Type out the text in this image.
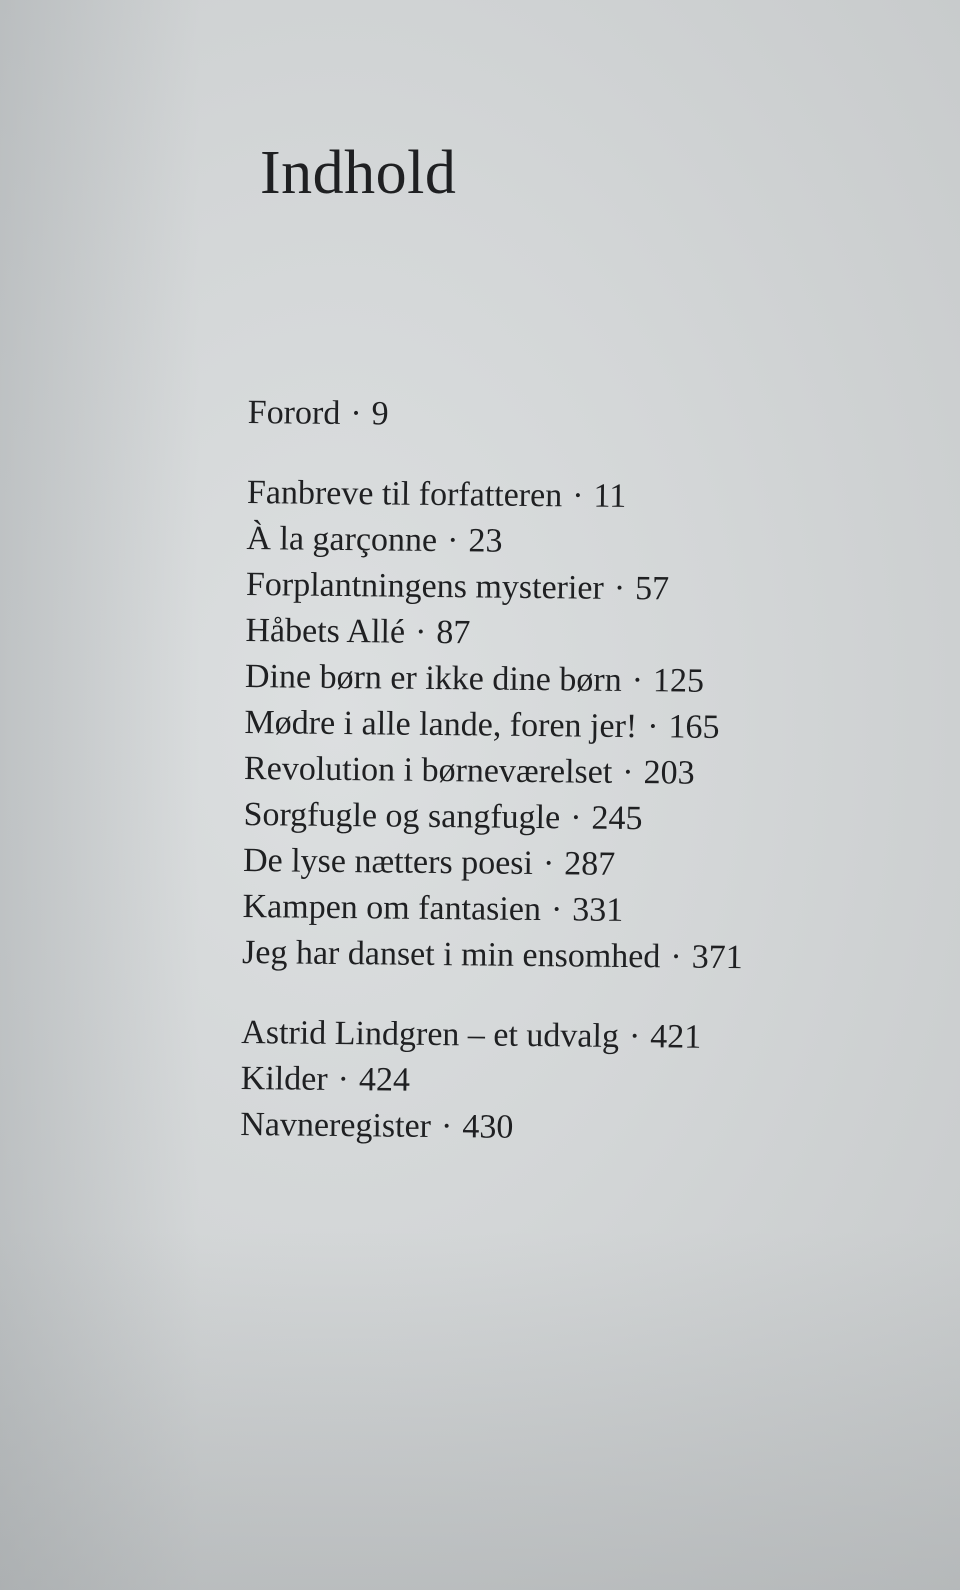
Indhold
Forord · 9
Fanbreve til forfatteren · 11
À la garçonne · 23
Forplantningens mysterier · 57
Håbets Allé · 87
Dine børn er ikke dine børn · 125
Mødre i alle lande, foren jer! · 165
Revolution i børneværelset · 203
Sorgfugle og sangfugle · 245
De lyse nætters poesi · 287
Kampen om fantasien · 331
Jeg har danset i min ensomhed · 371
Astrid Lindgren – et udvalg · 421
Kilder · 424
Navneregister · 430
